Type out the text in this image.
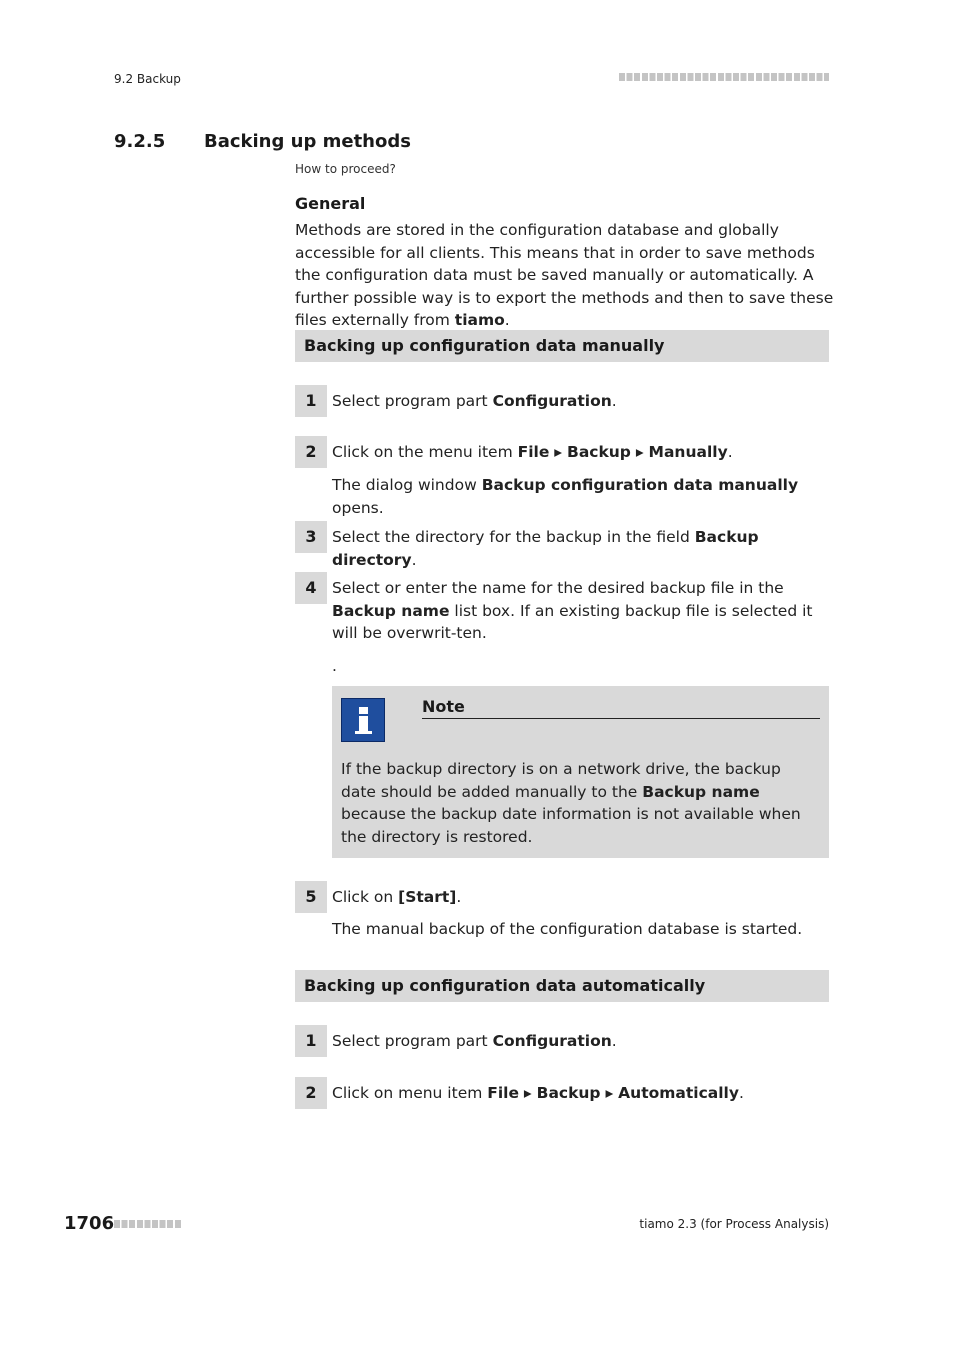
9.2 Backup
9.2.5 Backing up methods
How to proceed?
General
Methods are stored in the configuration database and globally accessible for all clients. This means that in order to save methods the configuration data must be saved manually or automatically. A further possible way is to export the methods and then to save these files externally from tiamo.
Backing up configuration data manually
1 Select program part Configuration.
2 Click on the menu item File ▸ Backup ▸ Manually.
The dialog window Backup configuration data manually opens.
3 Select the directory for the backup in the field Backup directory.
4 Select or enter the name for the desired backup file in the Backup name list box. If an existing backup file is selected it will be overwrit-ten.
.
Note
If the backup directory is on a network drive, the backup date should be added manually to the Backup name because the backup date information is not available when the directory is restored.
5 Click on [Start].
The manual backup of the configuration database is started.
Backing up configuration data automatically
1 Select program part Configuration.
2 Click on menu item File ▸ Backup ▸ Automatically.
1706	tiamo 2.3 (for Process Analysis)
